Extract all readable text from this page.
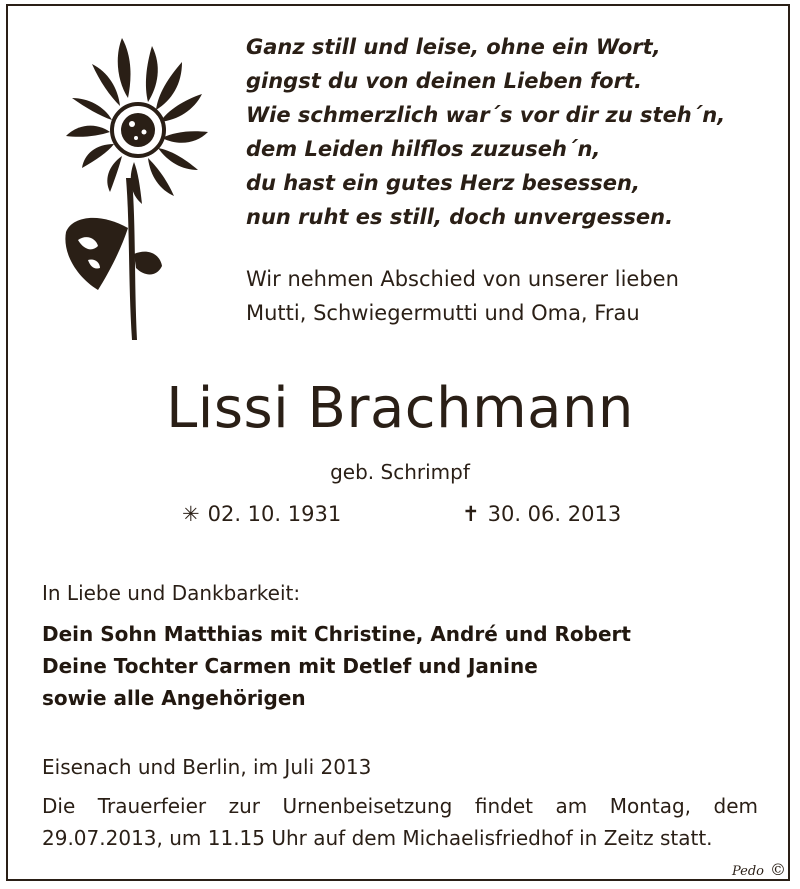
Ganz still und leise, ohne ein Wort,
gingst du von deinen Lieben fort.
Wie schmerzlich war´s vor dir zu steh´n,
dem Leiden hilflos zuzuseh´n,
du hast ein gutes Herz besessen,
nun ruht es still, doch unvergessen.
Wir nehmen Abschied von unserer lieben
Mutti, Schwiegermutti und Oma, Frau
Lissi Brachmann
geb. Schrimpf
✳ 02. 10. 1931	✝ 30. 06. 2013
In Liebe und Dankbarkeit:
Dein Sohn Matthias mit Christine, André und Robert
Deine Tochter Carmen mit Detlef und Janine
sowie alle Angehörigen
Eisenach und Berlin, im Juli 2013
Die Trauerfeier zur Urnenbeisetzung findet am Montag, dem
29.07.2013, um 11.15 Uhr auf dem Michaelisfriedhof in Zeitz statt.
Pedo ©
